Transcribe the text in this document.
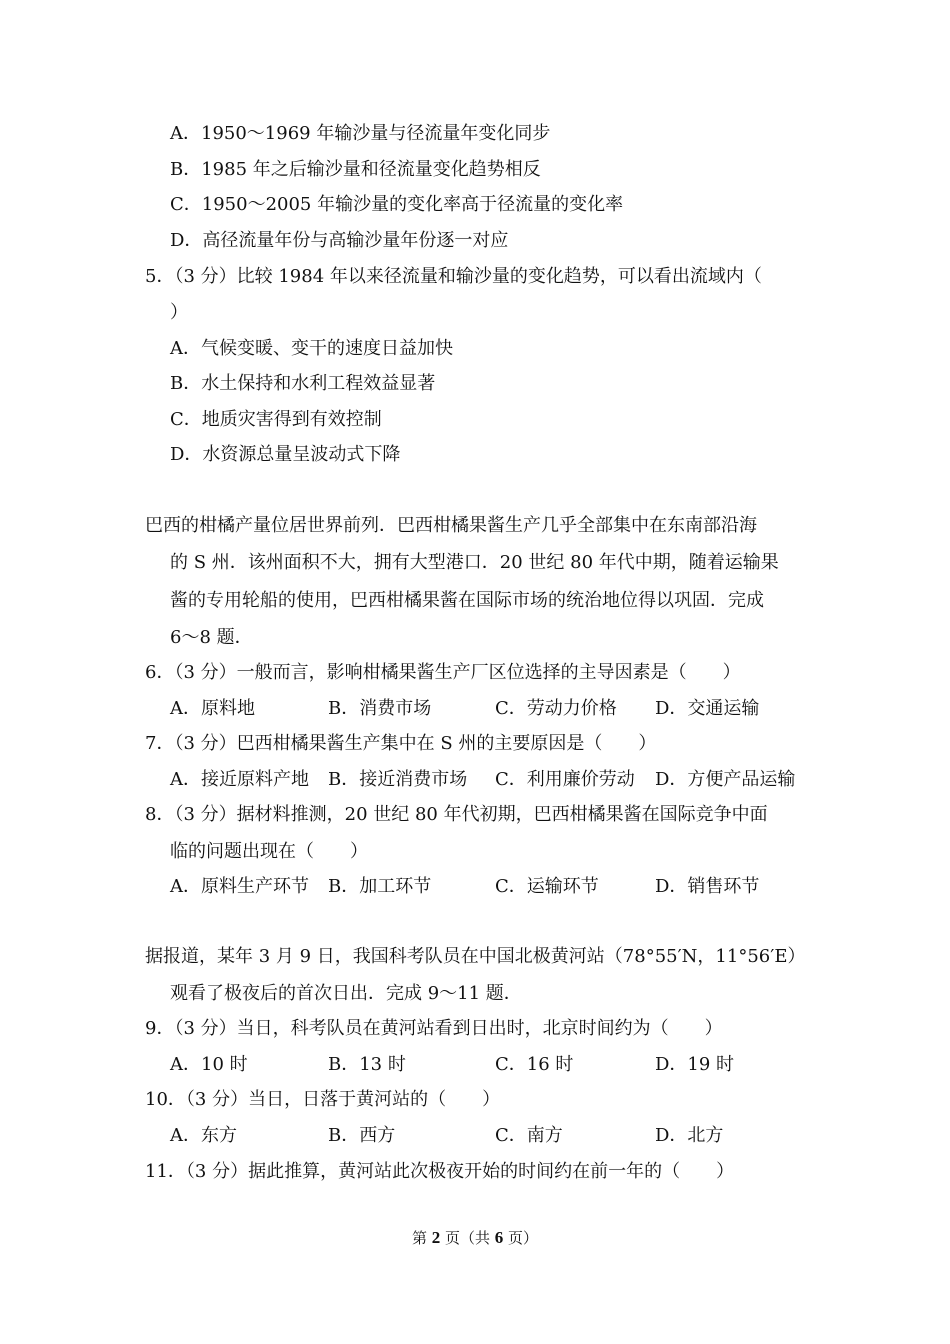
A．1950～1969 年输沙量与径流量年变化同步
B．1985 年之后输沙量和径流量变化趋势相反
C．1950～2005 年输沙量的变化率高于径流量的变化率
D．高径流量年份与高输沙量年份逐一对应
5．（3 分）比较 1984 年以来径流量和输沙量的变化趋势，可以看出流域内（
）
A．气候变暖、变干的速度日益加快
B．水土保持和水利工程效益显著
C．地质灾害得到有效控制
D．水资源总量呈波动式下降
巴西的柑橘产量位居世界前列．巴西柑橘果酱生产几乎全部集中在东南部沿海
的 S 州．该州面积不大，拥有大型港口．20 世纪 80 年代中期，随着运输果
酱的专用轮船的使用，巴西柑橘果酱在国际市场的统治地位得以巩固．完成
6～8 题．
6．（3 分）一般而言，影响柑橘果酱生产厂区位选择的主导因素是（　　）
A．原料地	B．消费市场	C．劳动力价格 D．交通运输
7．（3 分）巴西柑橘果酱生产集中在 S 州的主要原因是（　　）
A．接近原料产地 B．接近消费市场 C．利用廉价劳动 D．方便产品运输
8．（3 分）据材料推测，20 世纪 80 年代初期，巴西柑橘果酱在国际竞争中面
临的问题出现在（　　）
A．原料生产环节 B．加工环节	C．运输环节	D．销售环节
据报道，某年 3 月 9 日，我国科考队员在中国北极黄河站（78°55′N，11°56′E）
观看了极夜后的首次日出．完成 9～11 题．
9．（3 分）当日，科考队员在黄河站看到日出时，北京时间约为（　　）
A．10 时	B．13 时	C．16 时	D．19 时
10．（3 分）当日，日落于黄河站的（　　）
A．东方	B．西方	C．南方	D．北方
11．（3 分）据此推算，黄河站此次极夜开始的时间约在前一年的（　　）
第 2 页（共 6 页）
